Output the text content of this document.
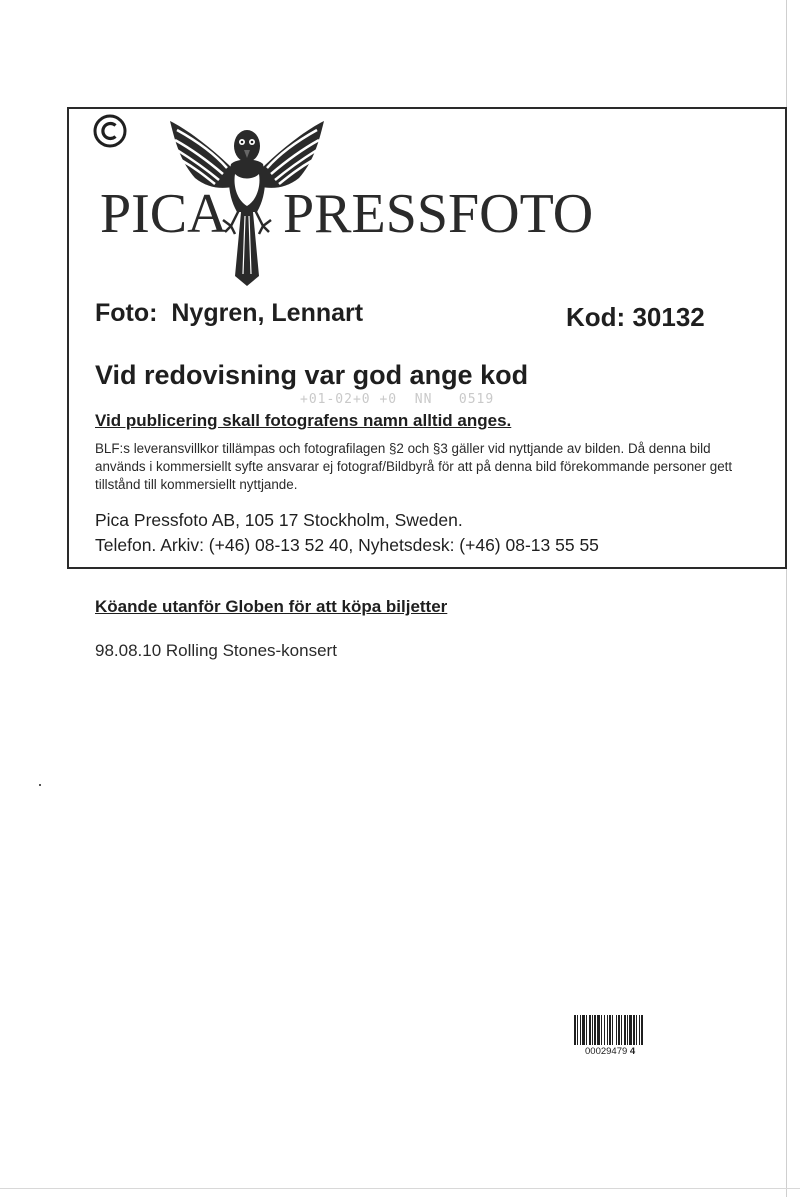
PICA PRESSFOTO
Foto: Nygren, Lennart	Kod: 30132
Vid redovisning var god ange kod
+01-02+0 +0  NN   0519
Vid publicering skall fotografens namn alltid anges.
BLF:s leveransvillkor tillämpas och fotografilagen §2 och §3 gäller vid nyttjande av bilden. Då denna bild används i kommersiellt syfte ansvarar ej fotograf/Bildbyrå för att på denna bild förekommande personer gett tillstånd till kommersiellt nyttjande.
Pica Pressfoto AB, 105 17 Stockholm, Sweden.
Telefon. Arkiv: (+46) 08-13 52 40, Nyhetsdesk: (+46) 08-13 55 55
Köande utanför Globen för att köpa biljetter
98.08.10 Rolling Stones-konsert
00029479 4
